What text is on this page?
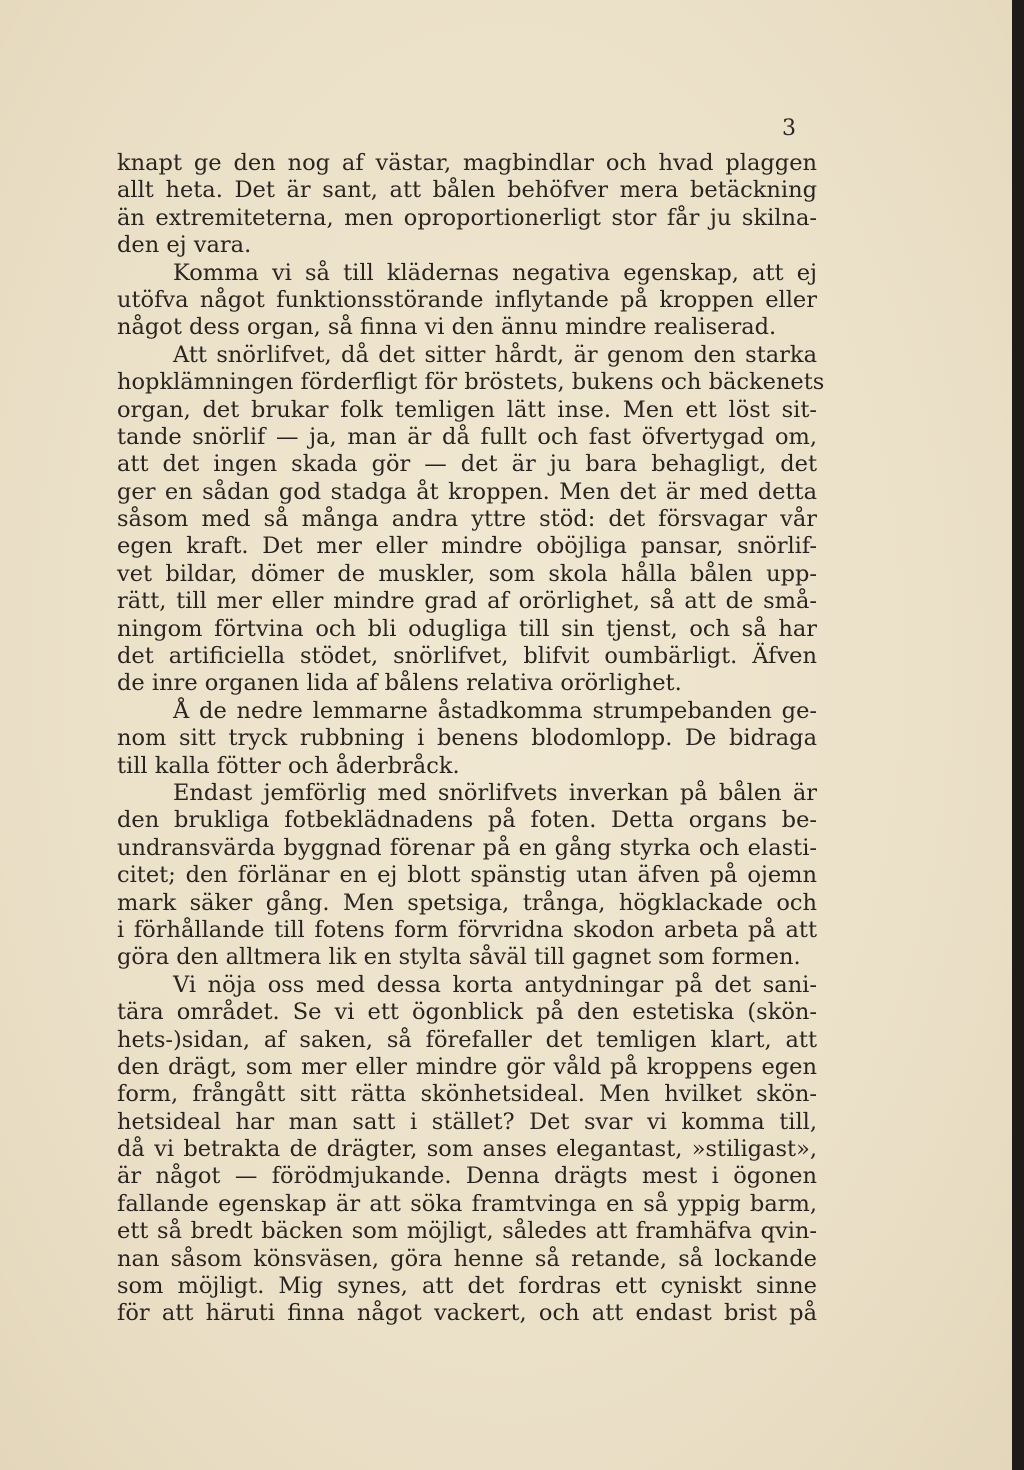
3
knapt ge den nog af västar, magbindlar och hvad plaggen
allt heta. Det är sant, att bålen behöfver mera betäckning
än extremiteterna, men oproportionerligt stor får ju skilna-
den ej vara.
Komma vi så till klädernas negativa egenskap, att ej
utöfva något funktionsstörande inflytande på kroppen eller
något dess organ, så finna vi den ännu mindre realiserad.
Att snörlifvet, då det sitter hårdt, är genom den starka
hopklämningen förderfligt för bröstets, bukens och bäckenets
organ, det brukar folk temligen lätt inse. Men ett löst sit-
tande snörlif — ja, man är då fullt och fast öfvertygad om,
att det ingen skada gör — det är ju bara behagligt, det
ger en sådan god stadga åt kroppen. Men det är med detta
såsom med så många andra yttre stöd: det försvagar vår
egen kraft. Det mer eller mindre oböjliga pansar, snörlif-
vet bildar, dömer de muskler, som skola hålla bålen upp-
rätt, till mer eller mindre grad af orörlighet, så att de små-
ningom förtvina och bli odugliga till sin tjenst, och så har
det artificiella stödet, snörlifvet, blifvit oumbärligt. Äfven
de inre organen lida af bålens relativa orörlighet.
Å de nedre lemmarne åstadkomma strumpebanden ge-
nom sitt tryck rubbning i benens blodomlopp. De bidraga
till kalla fötter och åderbråck.
Endast jemförlig med snörlifvets inverkan på bålen är
den brukliga fotbeklädnadens på foten. Detta organs be-
undransvärda byggnad förenar på en gång styrka och elasti-
citet; den förlänar en ej blott spänstig utan äfven på ojemn
mark säker gång. Men spetsiga, trånga, högklackade och
i förhållande till fotens form förvridna skodon arbeta på att
göra den alltmera lik en stylta såväl till gagnet som formen.
Vi nöja oss med dessa korta antydningar på det sani-
tära området. Se vi ett ögonblick på den estetiska (skön-
hets-)sidan, af saken, så förefaller det temligen klart, att
den drägt, som mer eller mindre gör våld på kroppens egen
form, frångått sitt rätta skönhetsideal. Men hvilket skön-
hetsideal har man satt i stället? Det svar vi komma till,
då vi betrakta de drägter, som anses elegantast, »stiligast»,
är något — förödmjukande. Denna drägts mest i ögonen
fallande egenskap är att söka framtvinga en så yppig barm,
ett så bredt bäcken som möjligt, således att framhäfva qvin-
nan såsom könsväsen, göra henne så retande, så lockande
som möjligt. Mig synes, att det fordras ett cyniskt sinne
för att häruti finna något vackert, och att endast brist på
